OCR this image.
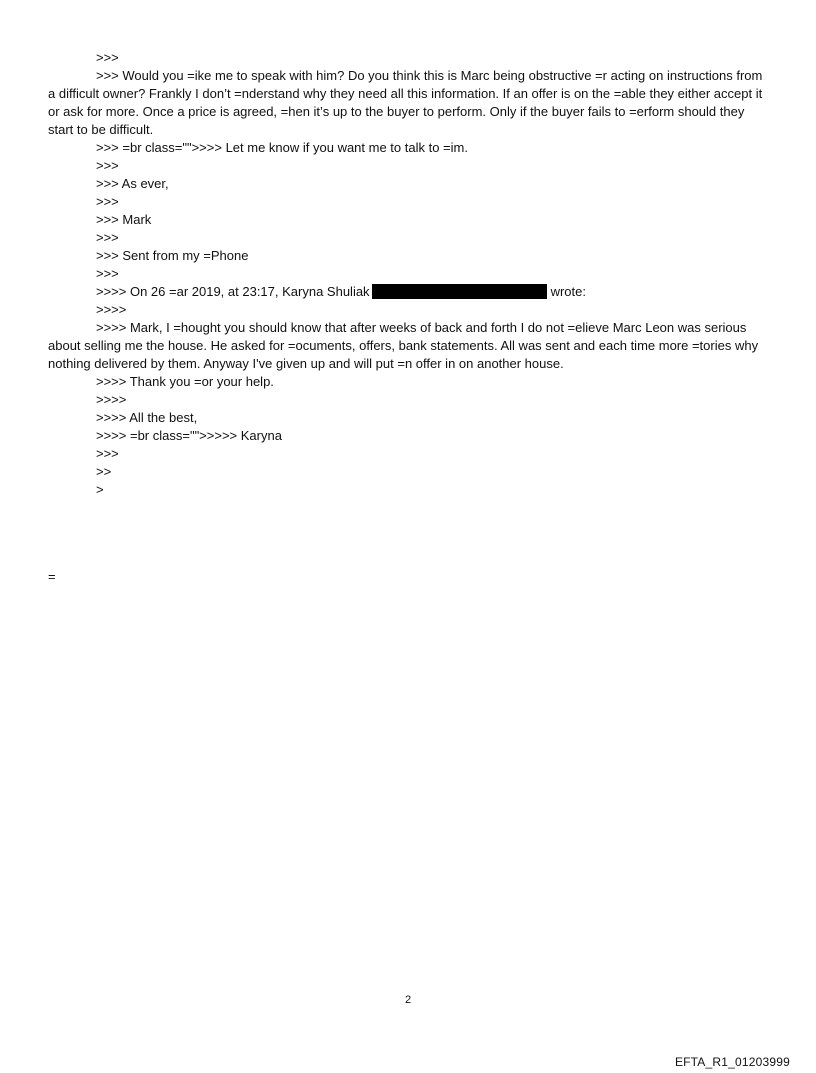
>>>

>>> Would you =ike me to speak with him? Do you think this is Marc being obstructive =r acting on instructions from a difficult owner? Frankly I don’t =nderstand why they need all this information. If an offer is on the =able they either accept it or ask for more. Once a price is agreed, =hen it’s up to the buyer to perform. Only if the buyer fails to =erform should they start to be difficult.

>>> =br class="">>>> Let me know if you want me to talk to =im.

>>>

>>> As ever,

>>>

>>> Mark

>>>

>>> Sent from my =Phone

>>>

>>>> On 26 =ar 2019, at 23:17, Karyna Shuliak	wrote:

>>>>

>>>> Mark, I =hought you should know that after weeks of back and forth I do not =elieve Marc Leon was serious about selling me the house. He asked for =ocuments, offers, bank statements. All was sent and each time more =tories why nothing delivered by them. Anyway I've given up and will put =n offer in on another house.

>>>> Thank you =or your help.

>>>>

>>>> All the best,

>>>> =br class="">>>>> Karyna

>>>

>>

>

=
2
EFTA_R1_01203999
